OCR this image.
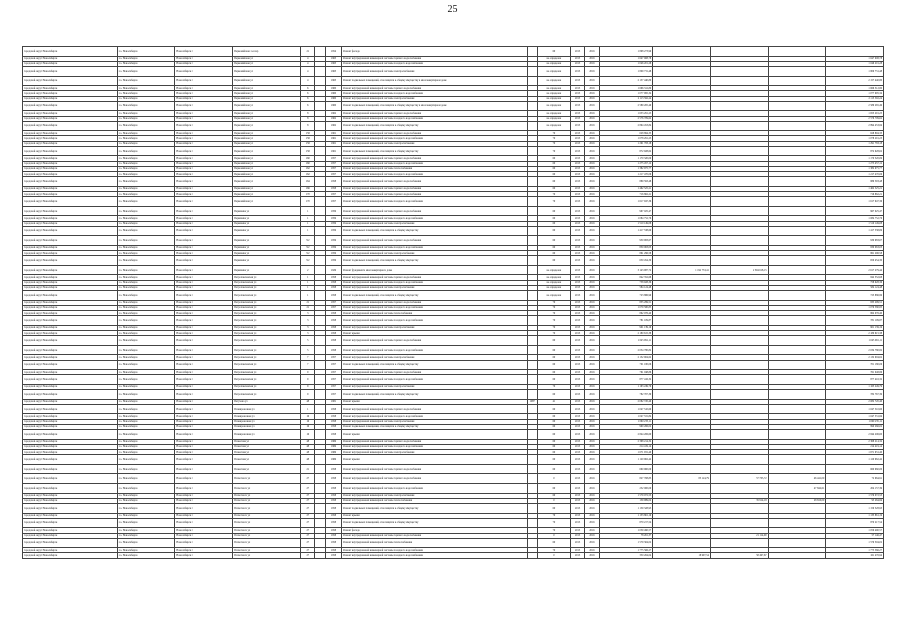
25
городской округ Новосибирск	г.о. Новосибирск	Новосибирск г	Первомайская 1-я пер	21		1954	Ремонт фасада		60	2015	2016	1 898 273,99				
городской округ Новосибирск	г.о. Новосибирск	Новосибирск г	Первомайская ул	4		1963	Ремонт внутридомовой инженерной системы горячего водоснабжения		не определен	2015	2016	1 647 908,78				1 647 908,78
городской округ Новосибирск	г.о. Новосибирск	Новосибирск г	Первомайская ул	4		1963	Ремонт внутридомовой инженерной системы холодного водоснабжения		не определен	2015	2016	1 046 201,28				1 046 201,28
городской округ Новосибирск	г.о. Новосибирск	Новосибирск г	Первомайская ул	4		1963	Ремонт внутридомовой инженерной системы электроснабжения		не определен	2015	2016	1 809 731,48				1 809 731,48
городской округ Новосибирск	г.о. Новосибирск	Новосибирск г	Первомайская ул	4		1963	Ремонт подвальных помещений, относящихся к общему имуществу в многоквартирном доме		не определен	2015	2016	2 157 440,80				2 157 440,80
городской округ Новосибирск	г.о. Новосибирск	Новосибирск г	Первомайская ул	6		1960	Ремонт внутридомовой инженерной системы горячего водоснабжения		не определен	2015	2016	1 666 312,80				1 666 312,80
городской округ Новосибирск	г.о. Новосибирск	Новосибирск г	Первомайская ул	6		1960	Ремонт внутридомовой инженерной системы холодного водоснабжения		не определен	2015	2016	1 077 995,34				1 077 995,34
городской округ Новосибирск	г.о. Новосибирск	Новосибирск г	Первомайская ул	6		1960	Ремонт внутридомовой инженерной системы электроснабжения		не определен	2015	2016	2 113 592,24				2 113 592,24
городской округ Новосибирск	г.о. Новосибирск	Новосибирск г	Первомайская ул	6		1960	Ремонт подвальных помещений, относящихся к общему имуществу в многоквартирном доме		не определен	2015	2016	2 589 265,49				2 589 265,49
городской округ Новосибирск	г.о. Новосибирск	Новосибирск г	Первомайская ул	8		1962	Ремонт внутридомовой инженерной системы горячего водоснабжения		не определен	2015	2016	1 653 291,25				1 653 291,25
городской округ Новосибирск	г.о. Новосибирск	Новосибирск г	Первомайская ул	8		1962	Ремонт внутридомовой инженерной системы холодного водоснабжения		не определен	2015	2016	2 576 709,62				2 576 709,62
городской округ Новосибирск	г.о. Новосибирск	Новосибирск г	Первомайская ул	8		1962	Ремонт подвальных помещений, относящихся к общему имуществу		не определен	2015	2016	2 894 453,84				2 894 453,84
городской округ Новосибирск	г.о. Новосибирск	Новосибирск г	Первомайская ул	158		1961	Ремонт внутридомовой инженерной системы горячего водоснабжения		70	2015	2016	628 894,33				628 894,33
городской округ Новосибирск	г.о. Новосибирск	Новосибирск г	Первомайская ул	158		1961	Ремонт внутридомовой инженерной системы холодного водоснабжения		70	2015	2016	1 078 291,23				1 078 291,23
городской округ Новосибирск	г.о. Новосибирск	Новосибирск г	Первомайская ул	158		1961	Ремонт внутридомовой инженерной системы электроснабжения		70	2015	2016	1 291 783,18				1 291 783,18
городской округ Новосибирск	г.о. Новосибирск	Новосибирск г	Первомайская ул	158		1961	Ремонт подвальных помещений, относящихся к общему имуществу		70	2015	2016	872 928,62				872 928,62
городской округ Новосибирск	г.о. Новосибирск	Новосибирск г	Первомайская ул	160		1957	Ремонт внутридомовой инженерной системы горячего водоснабжения		60	2015	2016	1 170 320,09				1 170 320,09
городской округ Новосибирск	г.о. Новосибирск	Новосибирск г	Первомайская ул	160		1957	Ремонт внутридомовой инженерной системы холодного водоснабжения		60	2015	2016	1 275 457,12				1 275 457,12
городской округ Новосибирск	г.о. Новосибирск	Новосибирск г	Первомайская ул	162		1957	Ремонт внутридомовой инженерной системы теплоснабжения		60	2015	2016	1 382 975,77				1 382 975,77
городской округ Новосибирск	г.о. Новосибирск	Новосибирск г	Первомайская ул	162		1957	Ремонт внутридомовой инженерной системы холодного водоснабжения		60	2015	2016	1 217 470,06				1 217 470,06
городской округ Новосибирск	г.о. Новосибирск	Новосибирск г	Первомайская ул	164		1958	Ремонт внутридомовой инженерной системы горячего водоснабжения		60	2015	2016	889 593,48				889 593,48
городской округ Новосибирск	г.о. Новосибирск	Новосибирск г	Первомайская ул	166		1958	Ремонт внутридомовой инженерной системы горячего водоснабжения		60	2015	2016	1 462 525,21				1 462 525,21
городской округ Новосибирск	г.о. Новосибирск	Новосибирск г	Первомайская ул	170		1957	Ремонт внутридомовой инженерной системы горячего водоснабжения		70	2015	2016	716 862,21				716 862,21
городской округ Новосибирск	г.о. Новосибирск	Новосибирск г	Первомайская ул	170		1957	Ремонт внутридомовой инженерной системы холодного водоснабжения		70	2015	2016	1 617 947,36				1 617 947,36
городской округ Новосибирск	г.о. Новосибирск	Новосибирск г	Первячина ул	1		1959	Ремонт внутридомовой инженерной системы горячего водоснабжения		60	2015	2016	967 025,47				967 025,47
городской округ Новосибирск	г.о. Новосибирск	Новосибирск г	Первячина ул	1		1959	Ремонт внутридомовой инженерной системы холодного водоснабжения		60	2015	2016	1 084 752,76				1 084 752,76
городской округ Новосибирск	г.о. Новосибирск	Новосибирск г	Первячина ул	1		1959	Ремонт внутридомовой инженерной системы электроснабжения		60	2015	2016	1 510 149,08				1 510 149,08
городской округ Новосибирск	г.о. Новосибирск	Новосибирск г	Первячина ул	1		1959	Ремонт подвальных помещений, относящихся к общему имуществу		60	2015	2016	1 417 538,69				1 417 538,69
городской округ Новосибирск	г.о. Новосибирск	Новосибирск г	Первячина ул	3/2		1959	Ремонт внутридомовой инженерной системы горячего водоснабжения		60	2015	2016	930 983,67				930 983,67
городской округ Новосибирск	г.о. Новосибирск	Новосибирск г	Первячина ул	3/2		1959	Ремонт внутридомовой инженерной системы холодного водоснабжения		60	2015	2016	830 063,03				830 063,03
городской округ Новосибирск	г.о. Новосибирск	Новосибирск г	Первячина ул	3/2		1959	Ремонт внутридомовой инженерной системы электроснабжения		60	2015	2016	861 296,58				861 296,58
городской округ Новосибирск	г.о. Новосибирск	Новосибирск г	Первячина ул	3/2		1959	Ремонт подвальных помещений, относящихся к общему имуществу		60	2015	2016	650 454,30				650 454,30
городской округ Новосибирск	г.о. Новосибирск	Новосибирск г	Первячина ул	2		1929	Ремонт фундамента многоквартирного дома		не определен	2015	2016	3 143 987,72	1 192 753,41	2 394 618,15		2 617 279,44
городской округ Новосибирск	г.о. Новосибирск	Новосибирск г	Петропавловская ул	1		1958	Ремонт внутридомовой инженерной системы горячего водоснабжения		не определен	2015	2016	842 352,68				842 352,68
городской округ Новосибирск	г.о. Новосибирск	Новосибирск г	Петропавловская ул	1		1958	Ремонт внутридомовой инженерной системы холодного водоснабжения		не определен	2015	2016	758 928,36				758 928,36
городской округ Новосибирск	г.о. Новосибирск	Новосибирск г	Петропавловская ул	1		1958	Ремонт внутридомовой инженерной системы электроснабжения		не определен	2015	2016	584 124,48				584 124,48
городской округ Новосибирск	г.о. Новосибирск	Новосибирск г	Петропавловская ул	1		1958	Ремонт подвальных помещений, относящихся к общему имуществу		не определен	2015	2016	723 886,99				723 886,99
городской округ Новосибирск	г.о. Новосибирск	Новосибирск г	Петропавловская ул	21		1957	Ремонт внутридомовой инженерной системы горячего водоснабжения		70	2015	2016	835 299,51				835 299,51
городской округ Новосибирск	г.о. Новосибирск	Новосибирск г	Петропавловская ул	21		1957	Ремонт внутридомовой инженерной системы холодного водоснабжения		70	2015	2016	1 079 580,85				1 079 580,85
городской округ Новосибирск	г.о. Новосибирск	Новосибирск г	Петропавловская ул	3		1958	Ремонт внутридомовой инженерной системы теплоснабжения		70	2015	2016	862 076,40				862 076,40
городской округ Новосибирск	г.о. Новосибирск	Новосибирск г	Петропавловская ул	3		1958	Ремонт внутридомовой инженерной системы холодного водоснабжения		70	2015	2016	781 109,87				781 109,87
городской округ Новосибирск	г.о. Новосибирск	Новосибирск г	Петропавловская ул	3		1958	Ремонт внутридомовой инженерной системы электроснабжения		70	2015	2016	901 139,19				901 139,19
городской округ Новосибирск	г.о. Новосибирск	Новосибирск г	Петропавловская ул	3		1958	Ремонт крыши		70	2015	2016	2 180 615,38				2 180 615,38
городской округ Новосибирск	г.о. Новосибирск	Новосибирск г	Петропавловская ул	5		1958	Ремонт внутридомовой инженерной системы горячего водоснабжения		60	2015	2016	1 045 991,11				1 045 991,11
городской округ Новосибирск	г.о. Новосибирск	Новосибирск г	Петропавловская ул	5		1958	Ремонт внутридомовой инженерной системы холодного водоснабжения		60	2015	2016	2 034 780,82				2 034 780,82
городской округ Новосибирск	г.о. Новосибирск	Новосибирск г	Петропавловская ул	7		1957	Ремонт внутридомовой инженерной системы электроснабжения		60	2015	2016	2 132 904,62				2 132 904,62
городской округ Новосибирск	г.о. Новосибирск	Новосибирск г	Петропавловская ул	7		1957	Ремонт подвальных помещений, относящихся к общему имуществу		60	2015	2016	701 180,06				701 180,06
городской округ Новосибирск	г.о. Новосибирск	Новосибирск г	Петропавловская ул	9		1957	Ремонт внутридомовой инженерной системы горячего водоснабжения		60	2015	2016	761 048,86				761 048,86
городской округ Новосибирск	г.о. Новосибирск	Новосибирск г	Петропавловская ул	9		1957	Ремонт внутридомовой инженерной системы холодного водоснабжения		60	2015	2016	877 416,32				877 416,32
городской округ Новосибирск	г.о. Новосибирск	Новосибирск г	Петропавловская ул	9		1957	Ремонт внутридомовой инженерной системы электроснабжения		70	2015	2016	1 163 249,79				1 163 249,79
городской округ Новосибирск	г.о. Новосибирск	Новосибирск г	Петропавловская ул	9		1957	Ремонт подвальных помещений, относящихся к общему имуществу		60	2015	2016	782 767,39				782 767,39
городской округ Новосибирск	г.о. Новосибирск	Новосибирск г	Петухова ул	48		1981	Ремонт крыши	1987	41	2015	2016	2 082 720,40				2 082 720,40
городской округ Новосибирск	г.о. Новосибирск	Новосибирск г	Планировочная ул	1		1958	Ремонт внутридомовой инженерной системы горячего водоснабжения		60	2015	2016	1 047 510,60				1 047 510,60
городской округ Новосибирск	г.о. Новосибирск	Новосибирск г	Планировочная ул	16		1958	Ремонт внутридомовой инженерной системы холодного водоснабжения		60	2015	2016	1 047 531,84				1 047 531,84
городской округ Новосибирск	г.о. Новосибирск	Новосибирск г	Планировочная ул	16		1958	Ремонт внутридомовой инженерной системы электроснабжения		60	2015	2016	1 060 235,11				1 060 235,11
городской округ Новосибирск	г.о. Новосибирск	Новосибирск г	Планировочная ул	16		1958	Ремонт подвальных помещений, относящихся к общему имуществу		60	2015	2016	990 266,02				990 266,02
городской округ Новосибирск	г.о. Новосибирск	Новосибирск г	Планировочная ул	16		1958	Ремонт крыши		60	2015	2016	2 844 206,60				2 844 206,60
городской округ Новосибирск	г.о. Новосибирск	Новосибирск г	Планетная ул	48		1969	Ремонт внутридомовой инженерной системы горячего водоснабжения		60	2015	2016	2 368 214,32				2 368 214,32
городской округ Новосибирск	г.о. Новосибирск	Новосибирск г	Планетная ул	48		1969	Ремонт внутридомовой инженерной системы холодного водоснабжения		60	2015	2016	214 419,14				214 419,14
городской округ Новосибирск	г.о. Новосибирск	Новосибирск г	Планетная ул	48		1969	Ремонт внутридомовой инженерной системы электроснабжения		60	2015	2016	1 671 931,40				1 671 931,40
городской округ Новосибирск	г.о. Новосибирск	Новосибирск г	Планетная ул	48		1969	Ремонт крыши		60	2015	2016	1 120 962,42				1 120 962,42
городской округ Новосибирск	г.о. Новосибирск	Новосибирск г	Планетная ул	21		1958	Ремонт внутридомовой инженерной системы горячего водоснабжения		60	2015	2016	660 960,00				660 960,00
городской округ Новосибирск	г.о. Новосибирск	Новосибирск г	Плахотного ул	27		1958	Ремонт внутридомовой инженерной системы горячего водоснабжения		0	2015	2016	827 768,85	85 124,79	57 705,72	46 441,00	72 964,91
городской округ Новосибирск	г.о. Новосибирск	Новосибирск г	Плахотного ул	27		1958	Ремонт внутридомовой инженерной системы холодного водоснабжения		60	2015	2016	252 000,00			47 842,61	204 157,39
городской округ Новосибирск	г.о. Новосибирск	Новосибирск г	Плахотного ул	27		1958	Ремонт внутридомовой инженерной системы электроснабжения		60	2015	2016	1 579 072,53				1 579 072,53
городской округ Новосибирск	г.о. Новосибирск	Новосибирск г	Плахотного ул	27		1958	Ремонт внутридомовой инженерной системы теплоснабжения		0	2015	2016	159 989,02		35 914,18	28 810,00	95 264,84
городской округ Новосибирск	г.о. Новосибирск	Новосибирск г	Плахотного ул	27		1958	Ремонт подвальных помещений, относящихся к общему имуществу		60	2015	2016	1 159 328,93				1 159 328,93
городской округ Новосибирск	г.о. Новосибирск	Новосибирск г	Плахотного ул	27		1958	Ремонт крыши		70	2015	2016	1 133 861,19				1 133 861,19
городской округ Новосибирск	г.о. Новосибирск	Новосибирск г	Плахотного ул	27		1958	Ремонт подвальных помещений, относящихся к общему имуществу		70	2015	2016	870 217,54				870 217,54
городской округ Новосибирск	г.о. Новосибирск	Новосибирск г	Плахотного ул	27		1958	Ремонт фасада		70	2015	2016	1 059 490,57				1 059 490,57
городской округ Новосибирск	г.о. Новосибирск	Новосибирск г	Плахотного ул	27		1958	Ремонт внутридомовой инженерной системы горячего водоснабжения		0	2015	2016	78 261,37		21 114,90		57 146,47
городской округ Новосибирск	г.о. Новосибирск	Новосибирск г	Плахотного ул	27		1958	Ремонт внутридомовой инженерной системы теплоснабжения		60	2015	2016	1 579 304,02				1 579 304,02
городской округ Новосибирск	г.о. Новосибирск	Новосибирск г	Плахотного ул	27		1958	Ремонт внутридомовой инженерной системы холодного водоснабжения		70	2015	2016	1 775 566,27				1 775 566,27
городской округ Новосибирск	г.о. Новосибирск	Новосибирск г	Плахотного ул	27		1958	Ремонт внутридомовой инженерной системы холодного водоснабжения		0	2015	2016	350 264,04	18 997,54	58 497,67		161 476,94
